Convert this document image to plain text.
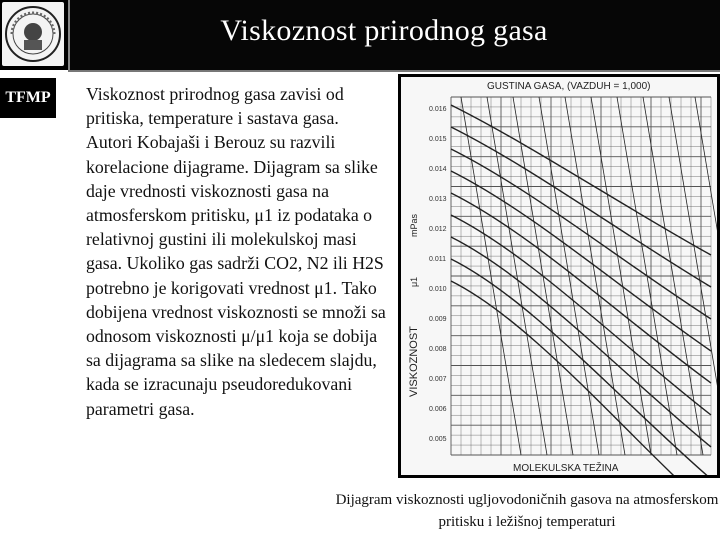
Viskoznost prirodnog gasa
TFMP	Viskoznost prirodnog gasa zavisi od pritiska, temperature i sastava gasa. Autori Kobajaši i Berouz su razvili korelacione dijagrame. Dijagram sa slike daje vrednosti viskoznosti gasa na atmosferskom pritisku, μ1 iz podataka o relativnoj gustini ili molekulskoj masi gasa. Ukoliko gas sadrži CO2, N2 ili H2S potrebno je korigovati vrednost μ1. Tako dobijena vrednost viskoznosti se množi sa odnosom viskoznosti μ/μ1 koja se dobija sa dijagrama sa slike na sledecem slajdu, kada se izracunaju pseudoredukovani parametri gasa.
GUSTINA GASA, (VAZDUH = 1,000)
MOLEKULSKA TEŽINA
VISKOZNOST
μ1
mPas
0.016
0.015
0.014
0.013
0.012
0.011
0.010
0.009
0.008
0.007
0.006
0.005
Dijagram viskoznosti ugljovodoničnih gasova na atmosferskom pritisku i ležišnoj temperaturi
